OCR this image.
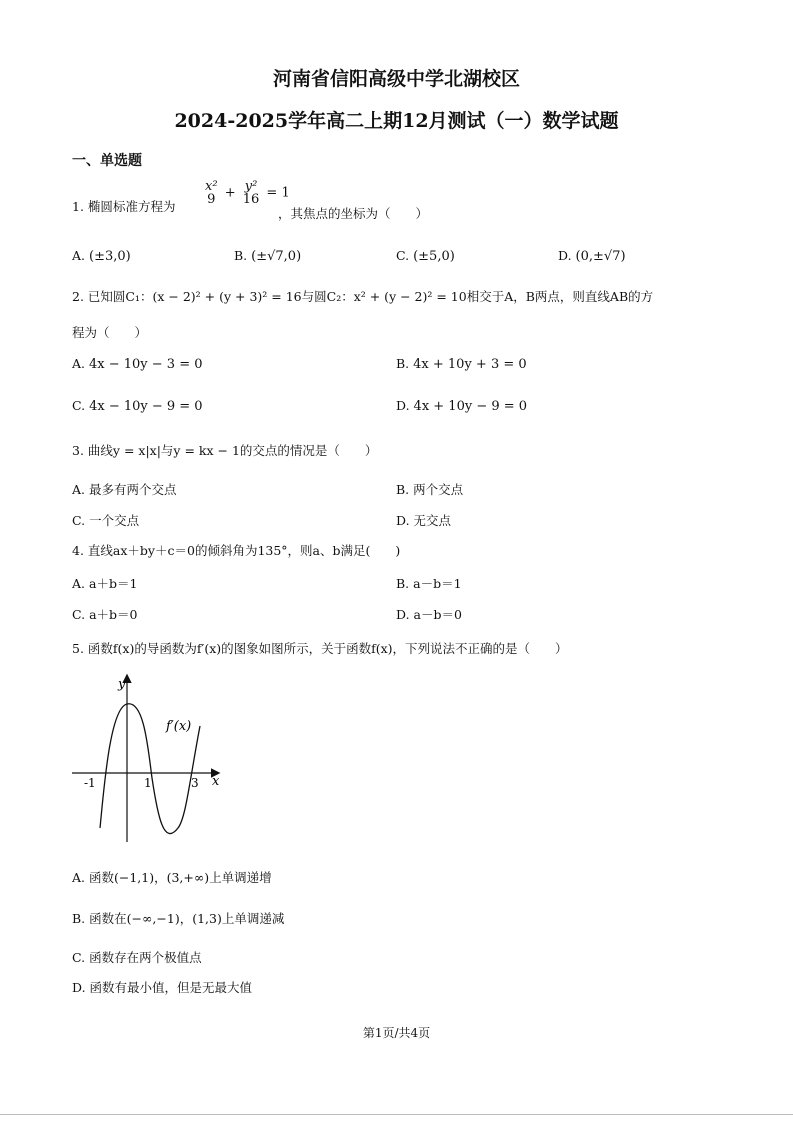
河南省信阳高级中学北湖校区
2024-2025学年高二上期12月测试（一）数学试题
一、单选题
1. 椭圆标准方程为
x²
9 + y²
16 = 1
，其焦点的坐标为（　　）
A. (±3,0)	B. (±√7,0)	C. (±5,0)	D. (0,±√7)
2. 已知圆C₁：(x − 2)² + (y + 3)² = 16与圆C₂：x² + (y − 2)² = 10相交于A，B两点，则直线AB的方
程为（　　）
A. 4x − 10y − 3 = 0	B. 4x + 10y + 3 = 0
C. 4x − 10y − 9 = 0	D. 4x + 10y − 9 = 0
3. 曲线y = x|x|与y = kx − 1的交点的情况是（　　）
A. 最多有两个交点	B. 两个交点
C. 一个交点	D. 无交点
4. 直线ax＋by＋c＝0的倾斜角为135°，则a、b满足(　　)
A. a＋b＝1	B. a－b＝1
C. a＋b＝0	D. a－b＝0
5. 函数f(x)的导函数为f′(x)的图象如图所示，关于函数f(x)，下列说法不正确的是（　　）
y
x
f′(x)
-1	1	3
A. 函数(−1,1)，(3,+∞)上单调递增
B. 函数在(−∞,−1)，(1,3)上单调递减
C. 函数存在两个极值点
D. 函数有最小值，但是无最大值
第1页/共4页
